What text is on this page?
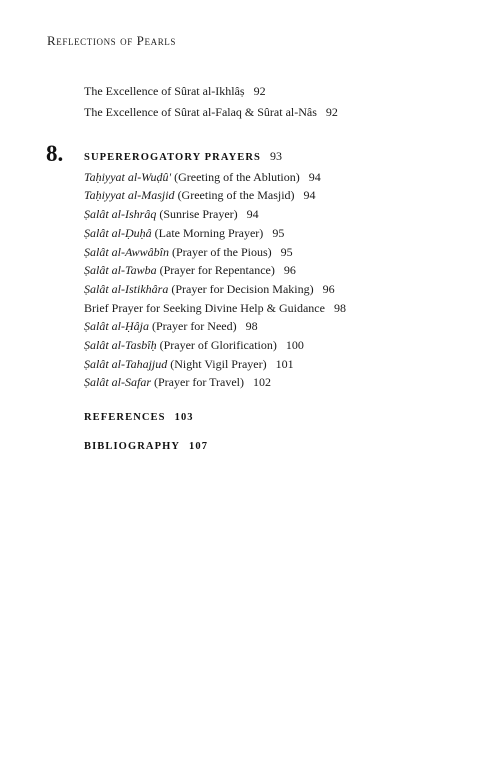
Reflections of Pearls
The Excellence of Sûrat al-Ikhlâṣ 92
The Excellence of Sûrat al-Falaq & Sûrat al-Nâs 92
8. SUPEREROGATORY PRAYERS 93
Taḥiyyat al-Wuḍû' (Greeting of the Ablution) 94
Taḥiyyat al-Masjid (Greeting of the Masjid) 94
Ṣalât al-Ishrâq (Sunrise Prayer) 94
Ṣalât al-Ḍuḥâ (Late Morning Prayer) 95
Ṣalât al-Awwâbîn (Prayer of the Pious) 95
Ṣalât al-Tawba (Prayer for Repentance) 96
Ṣalât al-Istikhâra (Prayer for Decision Making) 96
Brief Prayer for Seeking Divine Help & Guidance 98
Ṣalât al-Ḥâja (Prayer for Need) 98
Ṣalât al-Tasbîḥ (Prayer of Glorification) 100
Ṣalât al-Tahajjud (Night Vigil Prayer) 101
Ṣalât al-Safar (Prayer for Travel) 102
REFERENCES 103
BIBLIOGRAPHY 107
